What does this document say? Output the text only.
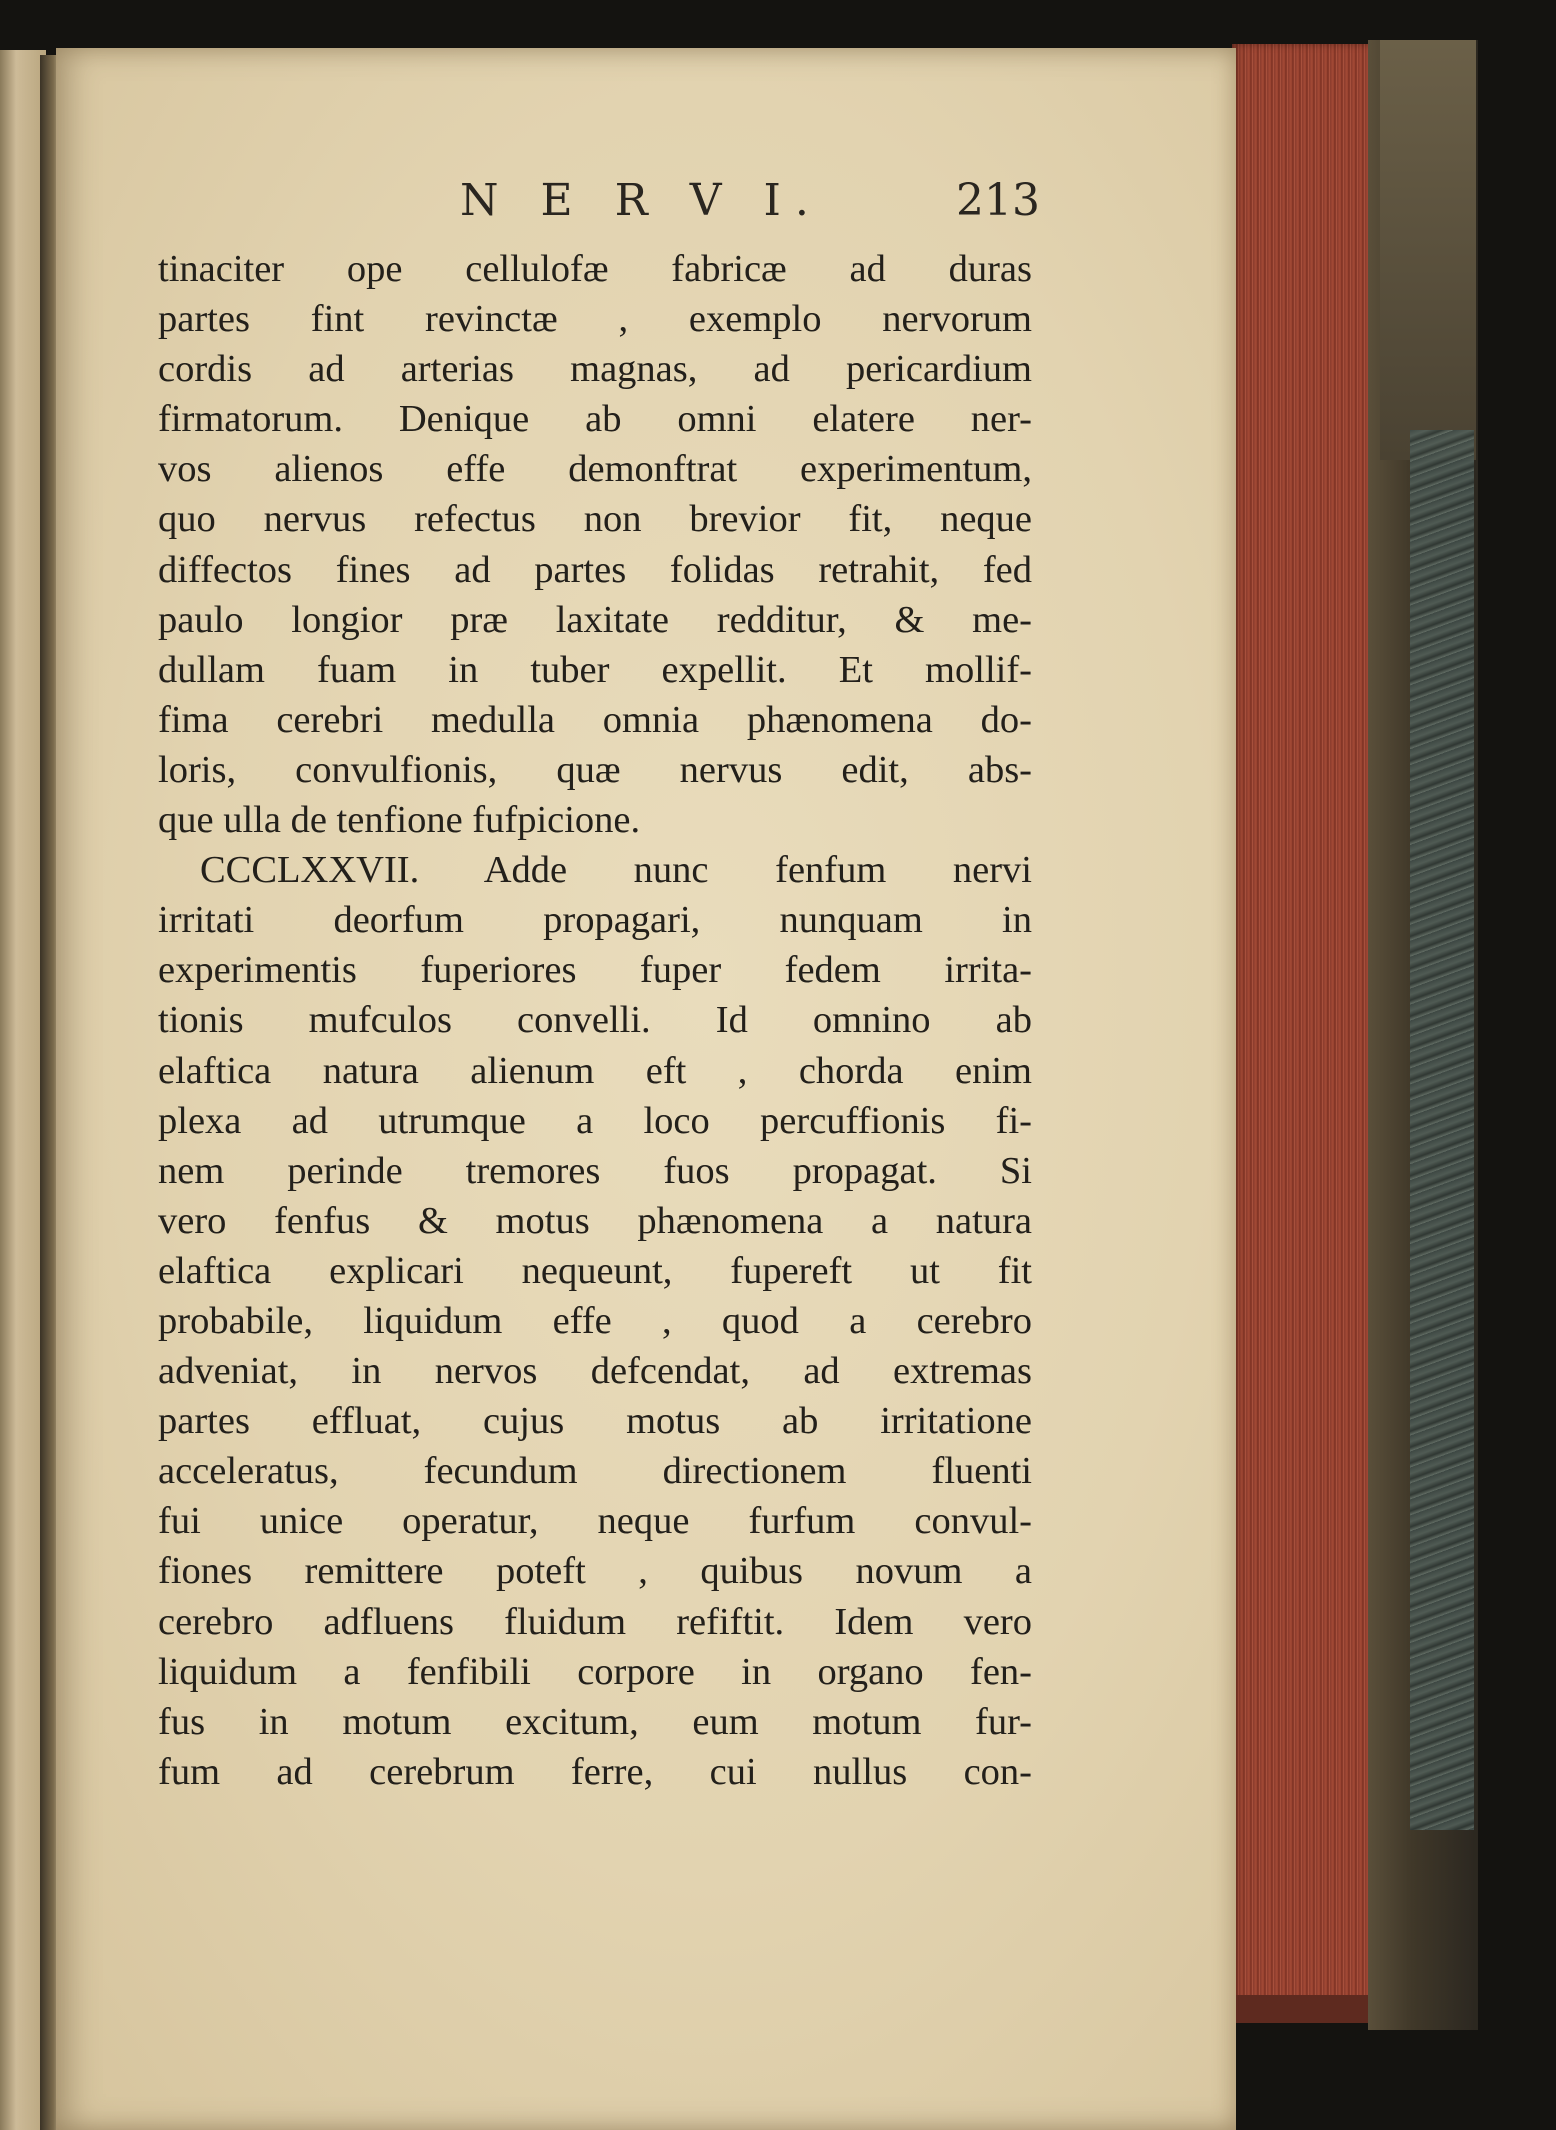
N E R V I.	213
tinaciter ope cellulofæ fabricæ ad duras
partes fint revinctæ , exemplo nervorum
cordis ad arterias magnas, ad pericardium
firmatorum. Denique ab omni elatere ner-
vos alienos effe demonftrat experimentum,
quo nervus refectus non brevior fit, neque
diffectos fines ad partes folidas retrahit, fed
paulo longior præ laxitate redditur, & me-
dullam fuam in tuber expellit. Et mollif-
fima cerebri medulla omnia phænomena do-
loris, convulfionis, quæ nervus edit, abs-
que ulla de tenfione fufpicione.
CCCLXXVII. Adde nunc fenfum nervi
irritati deorfum propagari, nunquam in
experimentis fuperiores fuper fedem irrita-
tionis mufculos convelli. Id omnino ab
elaftica natura alienum eft , chorda enim
plexa ad utrumque a loco percuffionis fi-
nem perinde tremores fuos propagat. Si
vero fenfus & motus phænomena a natura
elaftica explicari nequeunt, fupereft ut fit
probabile, liquidum effe , quod a cerebro
adveniat, in nervos defcendat, ad extremas
partes effluat, cujus motus ab irritatione
acceleratus, fecundum directionem fluenti
fui unice operatur, neque furfum convul-
fiones remittere poteft , quibus novum a
cerebro adfluens fluidum refiftit. Idem vero
liquidum a fenfibili corpore in organo fen-
fus in motum excitum, eum motum fur-
fum ad cerebrum ferre, cui nullus con-
